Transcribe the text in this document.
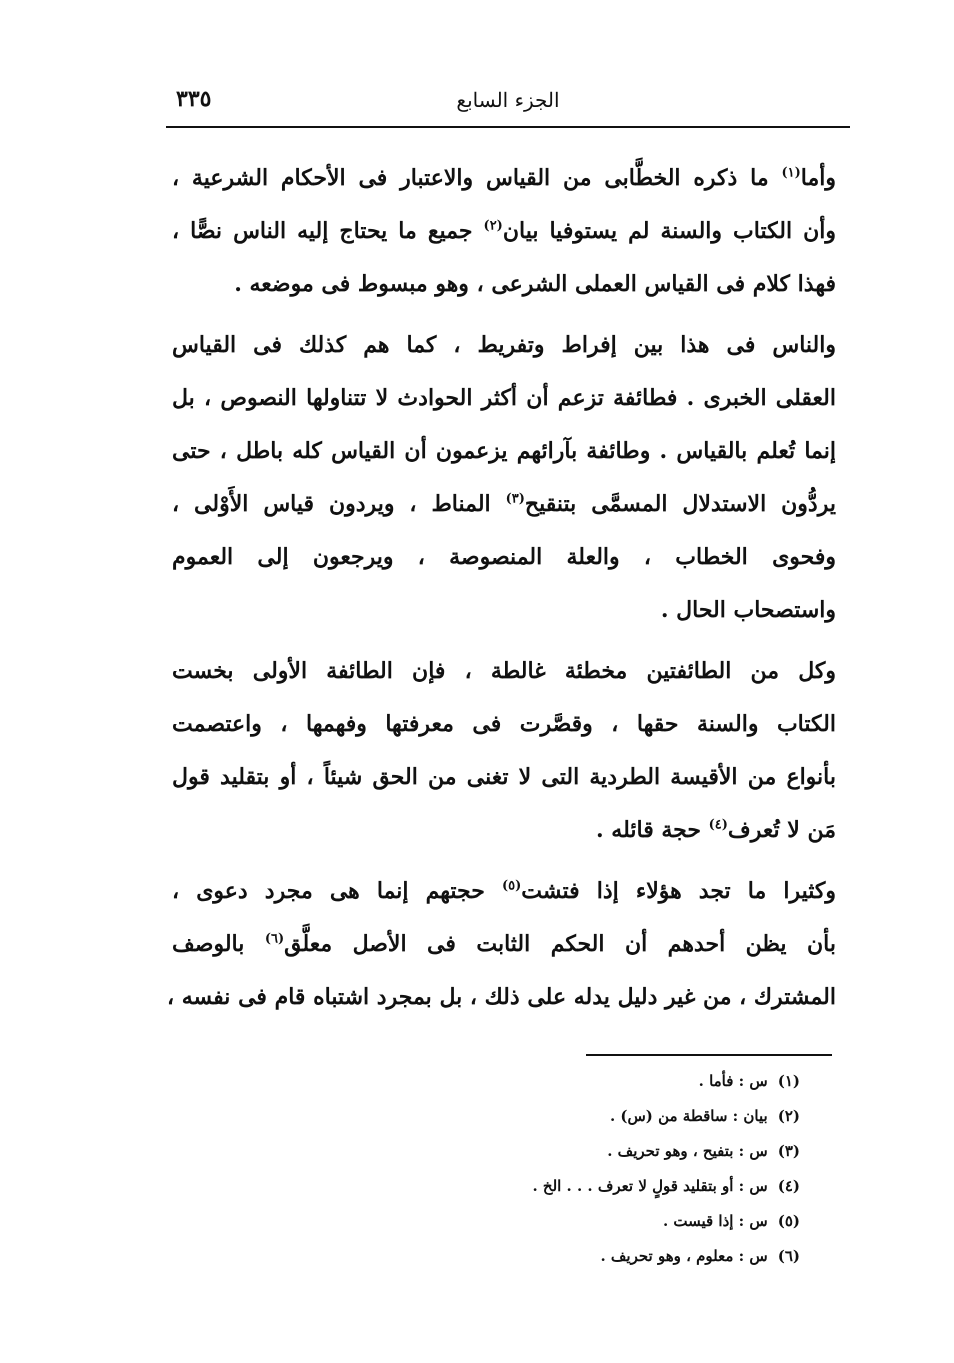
٣٣٥	الجزء السابع
وأما$^{(١)}$ ما ذكره الخطَّابى من القياس والاعتبار فى الأحكام الشرعية ،
وأن الكتاب والسنة لم يستوفيا بيان$^{(٢)}$ جميع ما يحتاج إليه الناس نصًّا ،
فهذا كلام فى القياس العملى الشرعى ، وهو مبسوط فى موضعه .
والناس فى هذا بين إفراط وتفريط ، كما هم كذلك فى القياس
العقلى الخبرى . فطائفة تزعم أن أكثر الحوادث لا تتناولها النصوص ، بل
إنما تُعلم بالقياس . وطائفة بآرائهم يزعمون أن القياس كله باطل ، حتى
يردُّون الاستدلال المسمَّى بتنقيح$^{(٣)}$ المناط ، ويردون قياس الأَوْلى ،
وفحوى الخطاب ، والعلة المنصوصة ، ويرجعون إلى العموم
واستصحاب الحال .
وكل من الطائفتين مخطئة غالطة ، فإن الطائفة الأولى بخست
الكتاب والسنة حقها ، وقصَّرت فى معرفتها وفهمها ، واعتصمت
بأنواع من الأقيسة الطردية التى لا تغنى من الحق شيئاً ، أو بتقليد قول
مَن لا تُعرف$^{(٤)}$ حجة قائله .
وكثيرا ما تجد هؤلاء إذا فتشت$^{(٥)}$ حجتهم إنما هى مجرد دعوى ،
بأن يظن أحدهم أن الحكم الثابت فى الأصل معلَّق$^{(٦)}$ بالوصف
المشترك ، من غير دليل يدله على ذلك ، بل بمجرد اشتباه قام فى نفسه ،
(١)س : فأما .
(٢)بيان : ساقطة من (س) .
(٣)س : بتفيح ، وهو تحريف .
(٤)س : أو بتقليد قولٍ لا تعرف . . . الخ .
(٥)س : إذا قيست .
(٦)س : معلوم ، وهو تحريف .
